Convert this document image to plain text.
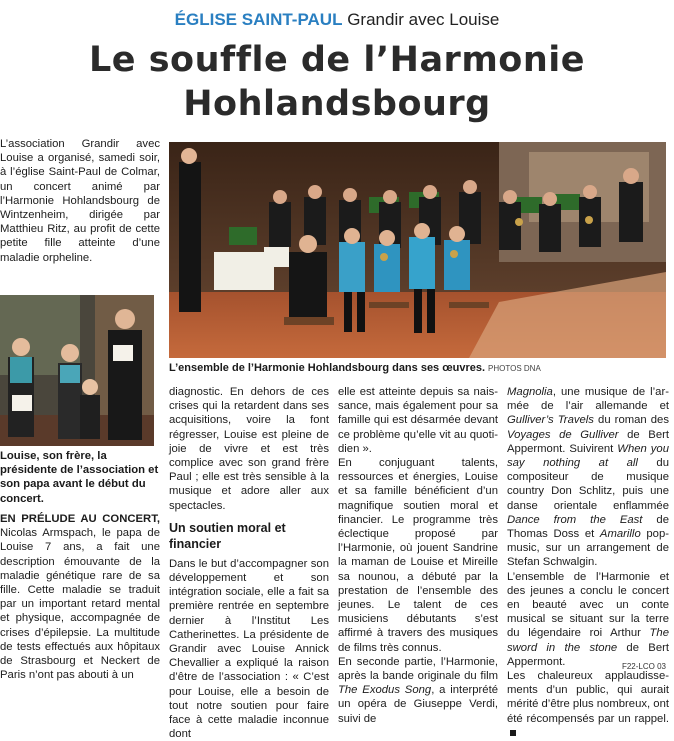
ÉGLISE SAINT-PAUL Grandir avec Louise
Le souffle de l’Harmonie
Hohlandsbourg
L’association Grandir avec Louise a organisé, samedi soir, à l’église Saint-Paul de Colmar, un concert animé par l’Harmonie Hohlandsbourg de Wintzenheim, dirigée par Matthieu Ritz, au profit de cette petite fille atteinte d’une maladie orpheline.
L’ensemble de l’Harmonie Hohlandsbourg dans ses œuvres. PHOTOS DNA
Louise, son frère, la présidente de l’association et son papa avant le début du concert.

EN PRÉLUDE AU CONCERT, Nicolas Armspach, le papa de Louise 7 ans, a fait une description émouvante de la maladie génétique rare de sa fille. Cette maladie se traduit par un important retard mental et physique, accompagnée de crises d’épilepsie. La multitude de tests effectués aux hôpitaux de Strasbourg et Neckert de Paris n’ont pas abouti à un

diagnostic. En dehors de ces crises qui la retardent dans ses acquisitions, voire la font régresser, Louise est pleine de joie de vivre et est très complice avec son grand frère Paul ; elle est très sensible à la musique et adore aller aux spectacles.

Un soutien moral et financier

Dans le but d’accompagner son développement et son intégration sociale, elle a fait sa première rentrée en septembre dernier à l’Institut Les Catherinettes. La présidente de Grandir avec Louise Annick Chevallier a expliqué la raison d’être de l’association : « C’est pour Louise, elle a besoin de tout notre soutien pour faire face à cette maladie inconnue dont

elle est atteinte depuis sa naissance, mais également pour sa famille qui est désarmée devant ce problème qu’elle vit au quotidien ».

En conjuguant talents, ressources et énergies, Louise et sa famille bénéficient d’un magnifique soutien moral et financier. Le programme très éclectique proposé par l’Harmonie, où jouent Sandrine la maman de Louise et Mireille sa nounou, a débuté par la prestation de l’ensemble des jeunes. Le talent de ces musiciens débutants s’est affirmé à travers des musiques de films très connus.

En seconde partie, l’Harmonie, après la bande originale du film The Exodus Song, a interprété un opéra de Giuseppe Verdi, suivi de

Magnolia, une musique de l’armée de l’air allemande et Gulliver’s Travels du roman des Voyages de Gulliver de Bert Appermont. Suivirent When you say nothing at all du compositeur de musique country Don Schlitz, puis une danse orientale enflammée Dance from the East de Thomas Doss et Amarillo pop-music, sur un arrangement de Stefan Schwalgin.

L’ensemble de l’Harmonie et des jeunes a conclu le concert en beauté avec un conte musical se situant sur la terre du légendaire roi Arthur The sword in the stone de Bert Appermont.

Les chaleureux applaudissements d’un public, qui aurait mérité d’être plus nombreux, ont été récompensés par un rappel.

F22-LCO 03
